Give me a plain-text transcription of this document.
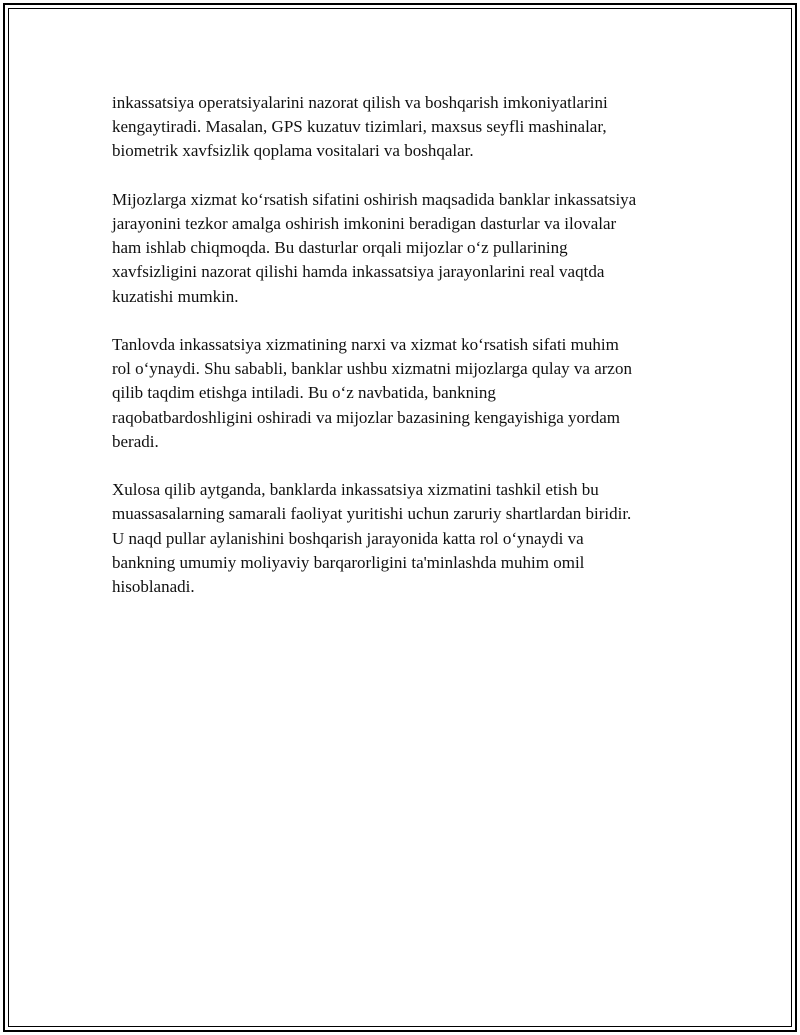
inkassatsiya operatsiyalarini nazorat qilish va boshqarish imkoniyatlarini
kengaytiradi. Masalan, GPS kuzatuv tizimlari, maxsus seyfli mashinalar,
biometrik xavfsizlik qoplama vositalari va boshqalar.

Mijozlarga xizmat koʻrsatish sifatini oshirish maqsadida banklar inkassatsiya
jarayonini tezkor amalga oshirish imkonini beradigan dasturlar va ilovalar
ham ishlab chiqmoqda. Bu dasturlar orqali mijozlar oʻz pullarining
xavfsizligini nazorat qilishi hamda inkassatsiya jarayonlarini real vaqtda
kuzatishi mumkin.

Tanlovda inkassatsiya xizmatining narxi va xizmat koʻrsatish sifati muhim
rol oʻynaydi. Shu sababli, banklar ushbu xizmatni mijozlarga qulay va arzon
qilib taqdim etishga intiladi. Bu oʻz navbatida, bankning
raqobatbardoshligini oshiradi va mijozlar bazasining kengayishiga yordam
beradi.

Xulosa qilib aytganda, banklarda inkassatsiya xizmatini tashkil etish bu
muassasalarning samarali faoliyat yuritishi uchun zaruriy shartlardan biridir.
U naqd pullar aylanishini boshqarish jarayonida katta rol oʻynaydi va
bankning umumiy moliyaviy barqarorligini ta'minlashda muhim omil
hisoblanadi.
